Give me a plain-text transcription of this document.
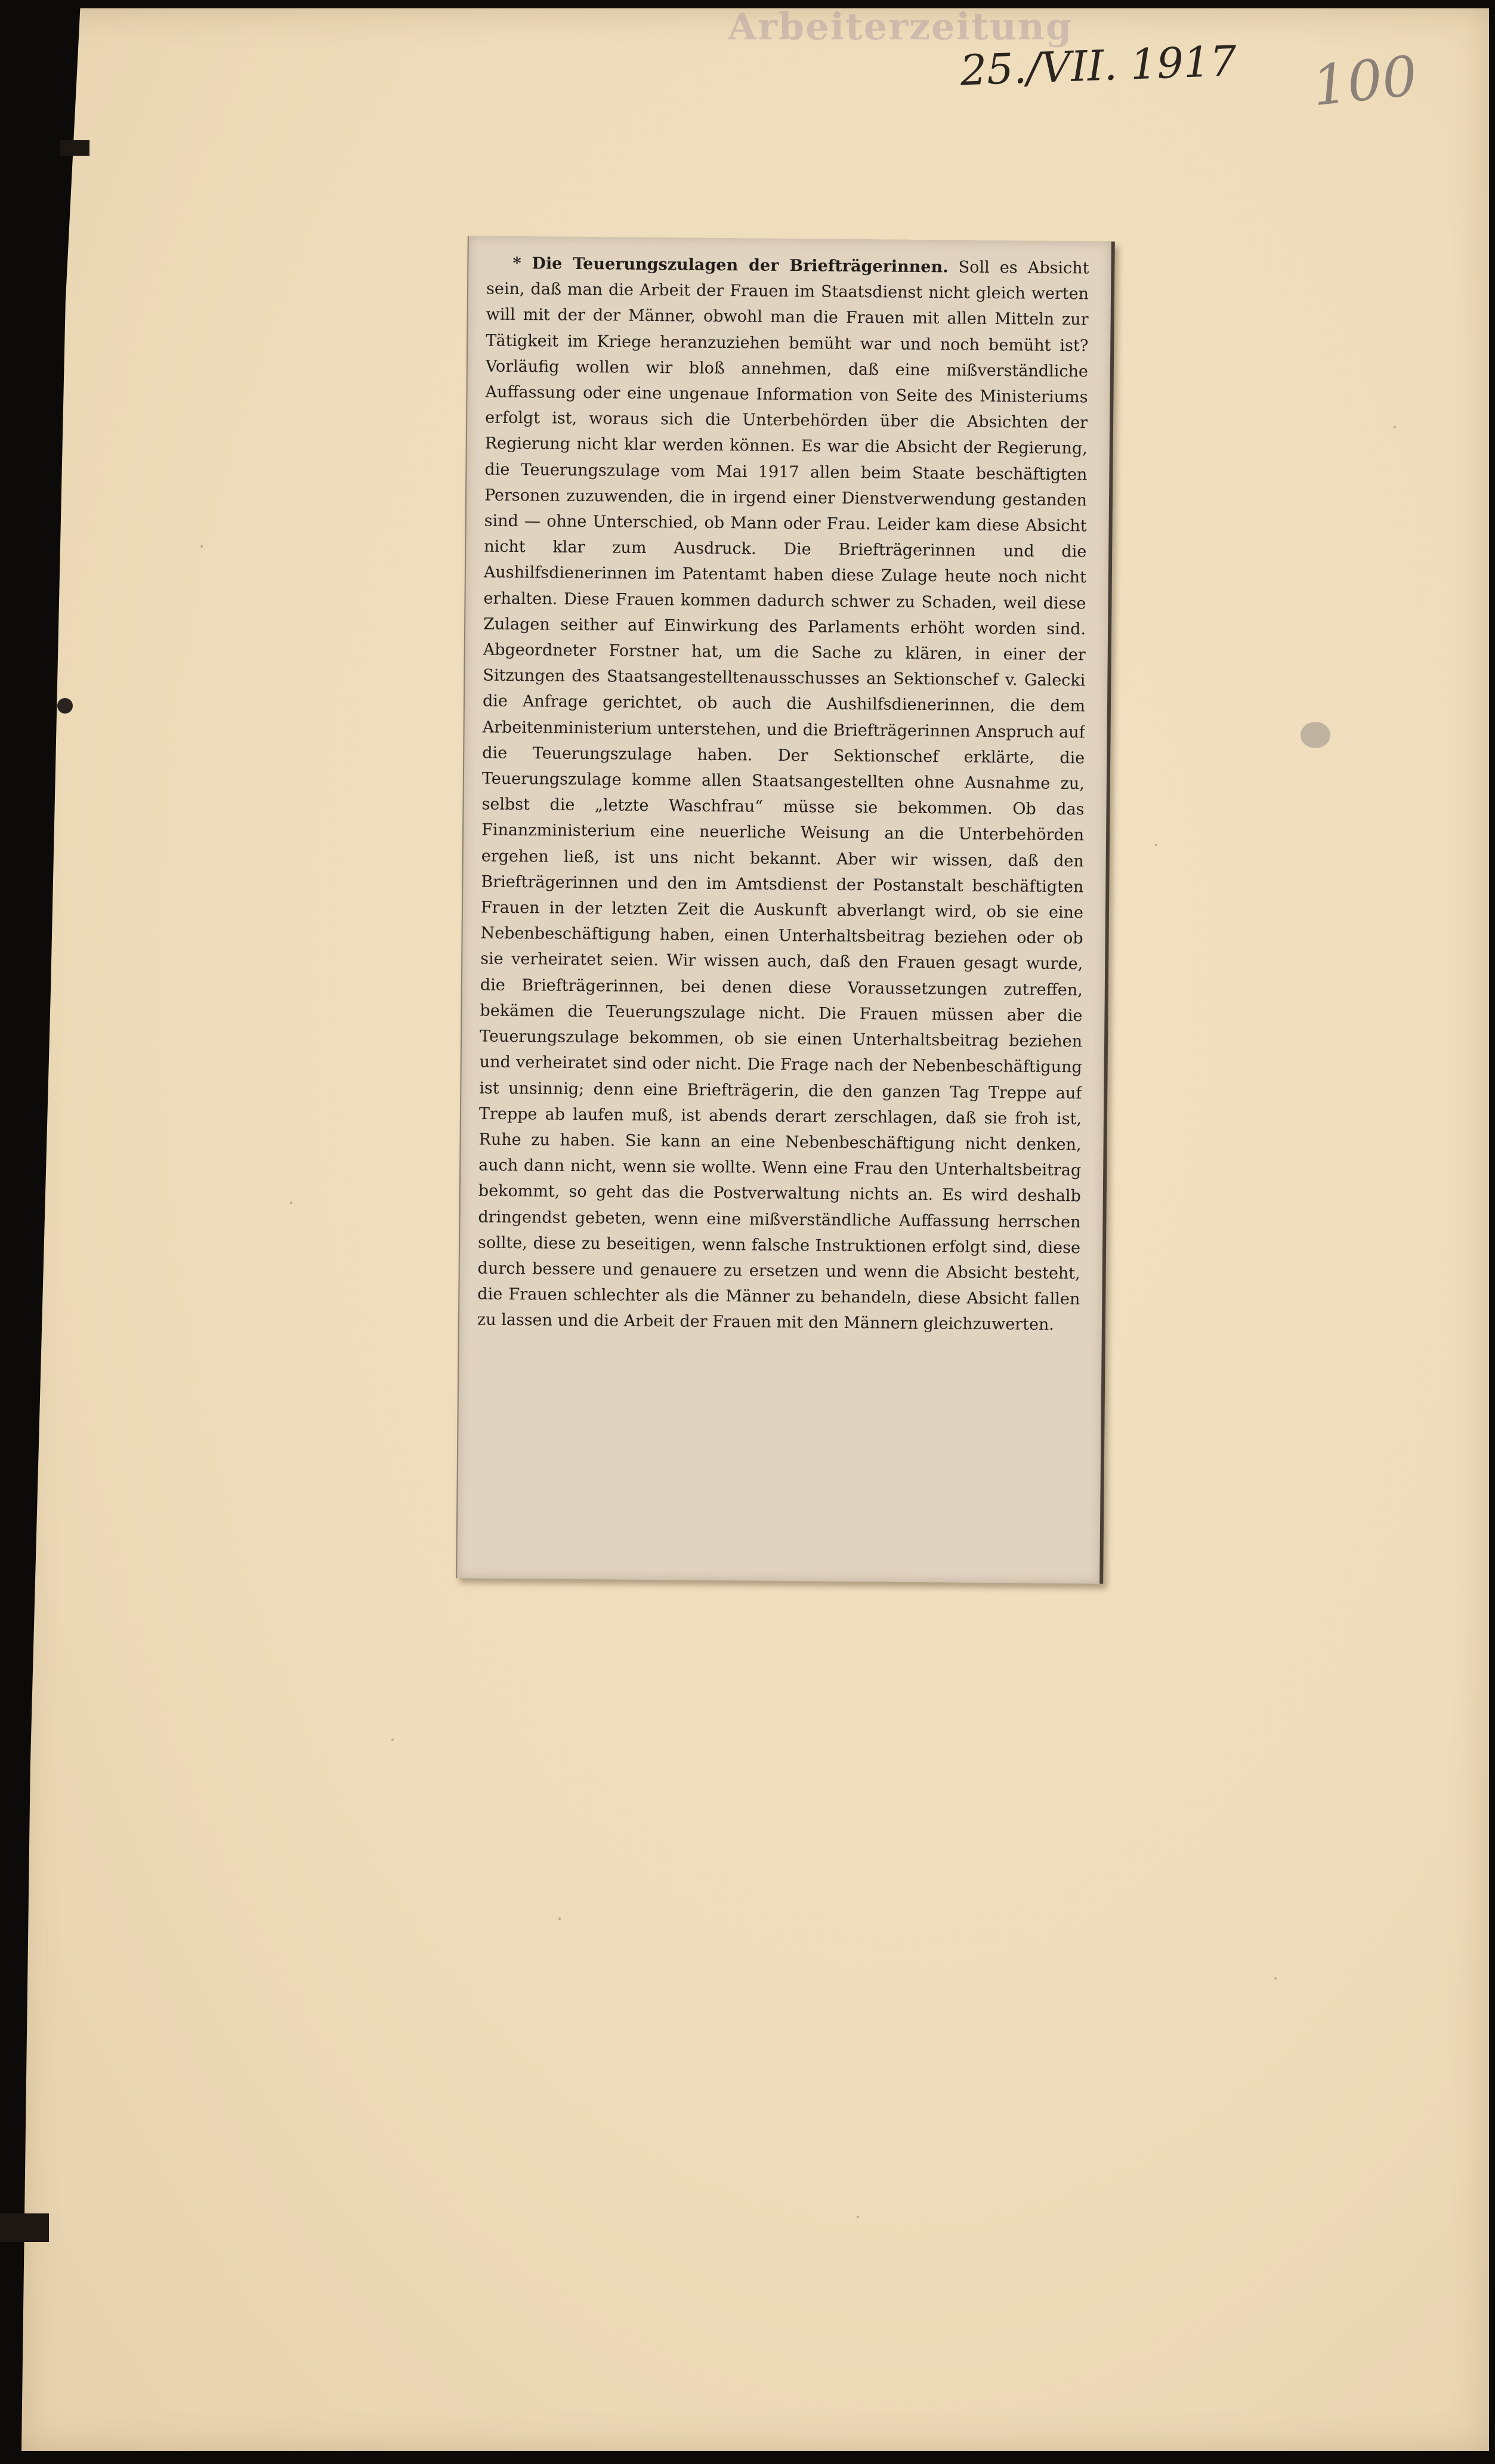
Arbeiterzeitung
25./VII. 1917 100

* Die Teuerungszulagen der Briefträgerinnen. Soll es Absicht sein, daß man die Arbeit der Frauen im Staatsdienst nicht gleich werten will mit der der Männer, obwohl man die Frauen mit allen Mitteln zur Tätigkeit im Kriege heranzuziehen bemüht war und noch bemüht ist? Vorläufig wollen wir bloß annehmen, daß eine mißverständliche Auffassung oder eine ungenaue Information von Seite des Ministeriums erfolgt ist, woraus sich die Unterbehörden über die Absichten der Regierung nicht klar werden können. Es war die Absicht der Regierung, die Teuerungszulage vom Mai 1917 allen beim Staate beschäftigten Personen zuzuwenden, die in irgend einer Dienstverwendung gestanden sind — ohne Unterschied, ob Mann oder Frau. Leider kam diese Absicht nicht klar zum Ausdruck. Die Briefträgerinnen und die Aushilfsdienerinnen im Patentamt haben diese Zulage heute noch nicht erhalten. Diese Frauen kommen dadurch schwer zu Schaden, weil diese Zulagen seither auf Einwirkung des Parlaments erhöht worden sind. Abgeordneter Forstner hat, um die Sache zu klären, in einer der Sitzungen des Staatsangestelltenausschusses an Sektionschef v. Galecki die Anfrage gerichtet, ob auch die Aushilfsdienerinnen, die dem Arbeitenministerium unterstehen, und die Briefträgerinnen Anspruch auf die Teuerungszulage haben. Der Sektionschef erklärte, die Teuerungszulage komme allen Staatsangestellten ohne Ausnahme zu, selbst die „letzte Waschfrau“ müsse sie bekommen. Ob das Finanzministerium eine neuerliche Weisung an die Unterbehörden ergehen ließ, ist uns nicht bekannt. Aber wir wissen, daß den Briefträgerinnen und den im Amtsdienst der Postanstalt beschäftigten Frauen in der letzten Zeit die Auskunft abverlangt wird, ob sie eine Nebenbeschäftigung haben, einen Unterhaltsbeitrag beziehen oder ob sie verheiratet seien. Wir wissen auch, daß den Frauen gesagt wurde, die Briefträgerinnen, bei denen diese Voraussetzungen zutreffen, bekämen die Teuerungszulage nicht. Die Frauen müssen aber die Teuerungszulage bekommen, ob sie einen Unterhaltsbeitrag beziehen und verheiratet sind oder nicht. Die Frage nach der Nebenbeschäftigung ist unsinnig; denn eine Briefträgerin, die den ganzen Tag Treppe auf Treppe ab laufen muß, ist abends derart zerschlagen, daß sie froh ist, Ruhe zu haben. Sie kann an eine Nebenbeschäftigung nicht denken, auch dann nicht, wenn sie wollte. Wenn eine Frau den Unterhaltsbeitrag bekommt, so geht das die Postverwaltung nichts an. Es wird deshalb dringendst gebeten, wenn eine mißverständliche Auffassung herrschen sollte, diese zu beseitigen, wenn falsche Instruktionen erfolgt sind, diese durch bessere und genauere zu ersetzen und wenn die Absicht besteht, die Frauen schlechter als die Männer zu behandeln, diese Absicht fallen zu lassen und die Arbeit der Frauen mit den Männern gleichzuwerten.
